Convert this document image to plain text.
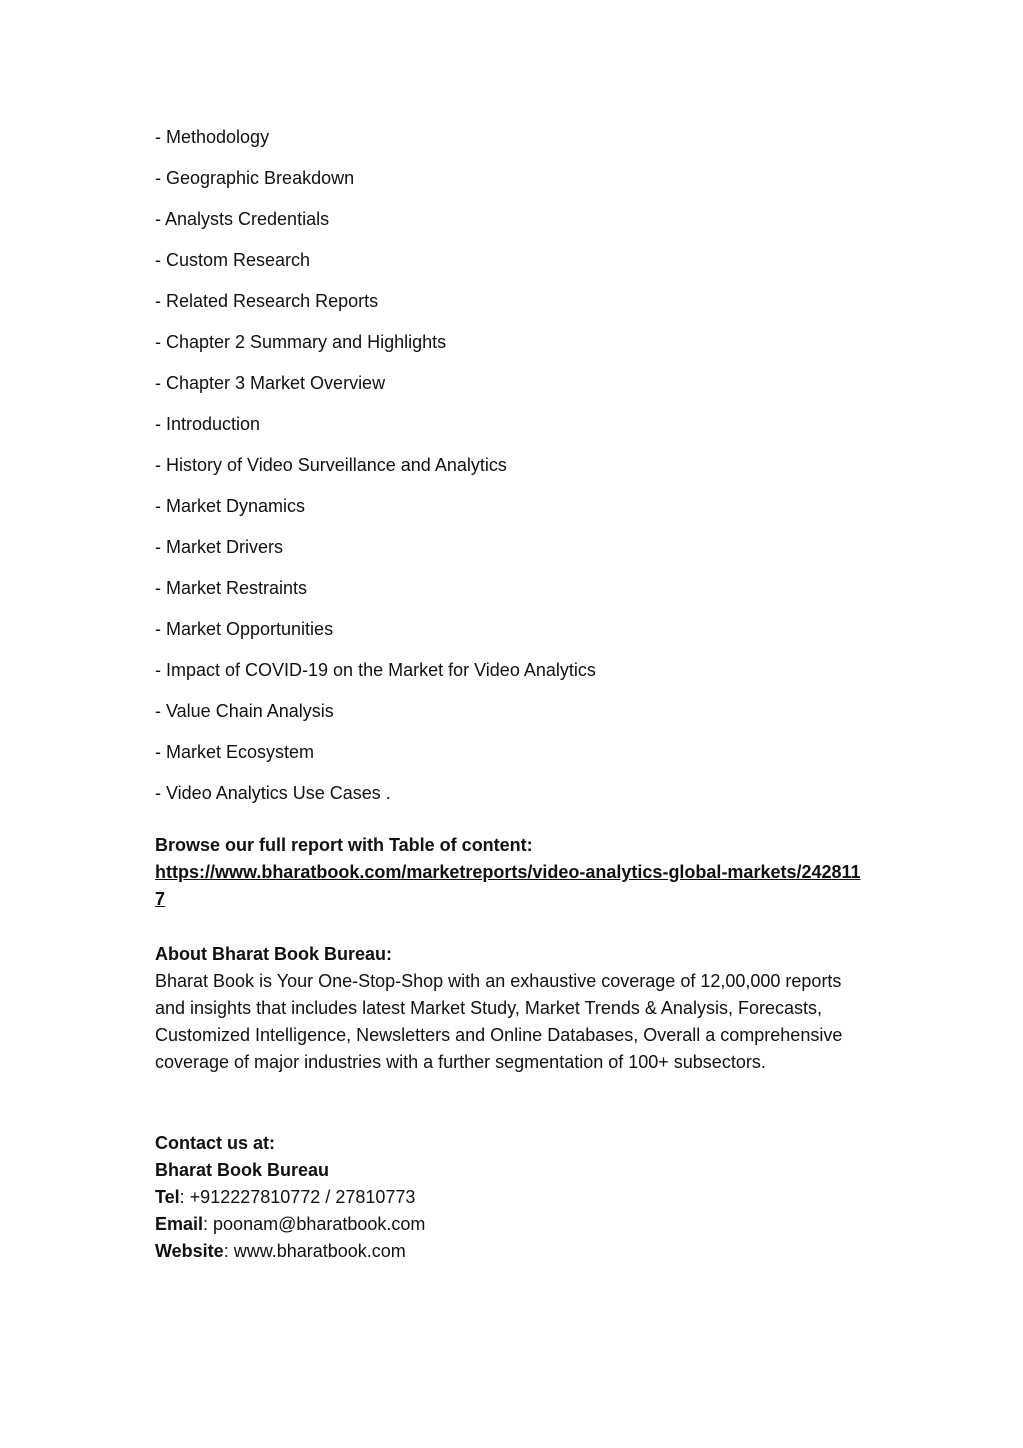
- Methodology
- Geographic Breakdown
- Analysts Credentials
- Custom Research
- Related Research Reports
- Chapter 2 Summary and Highlights
- Chapter 3 Market Overview
- Introduction
- History of Video Surveillance and Analytics
- Market Dynamics
- Market Drivers
- Market Restraints
- Market Opportunities
- Impact of COVID-19 on the Market for Video Analytics
- Value Chain Analysis
- Market Ecosystem
- Video Analytics Use Cases .
Browse our full report with Table of content:
https://www.bharatbook.com/marketreports/video-analytics-global-markets/2428117
About Bharat Book Bureau:
Bharat Book is Your One-Stop-Shop with an exhaustive coverage of 12,00,000 reports and insights that includes latest Market Study, Market Trends & Analysis, Forecasts, Customized Intelligence, Newsletters and Online Databases, Overall a comprehensive coverage of major industries with a further segmentation of 100+ subsectors.
Contact us at:
Bharat Book Bureau
Tel: +912227810772 / 27810773
Email: poonam@bharatbook.com
Website: www.bharatbook.com
